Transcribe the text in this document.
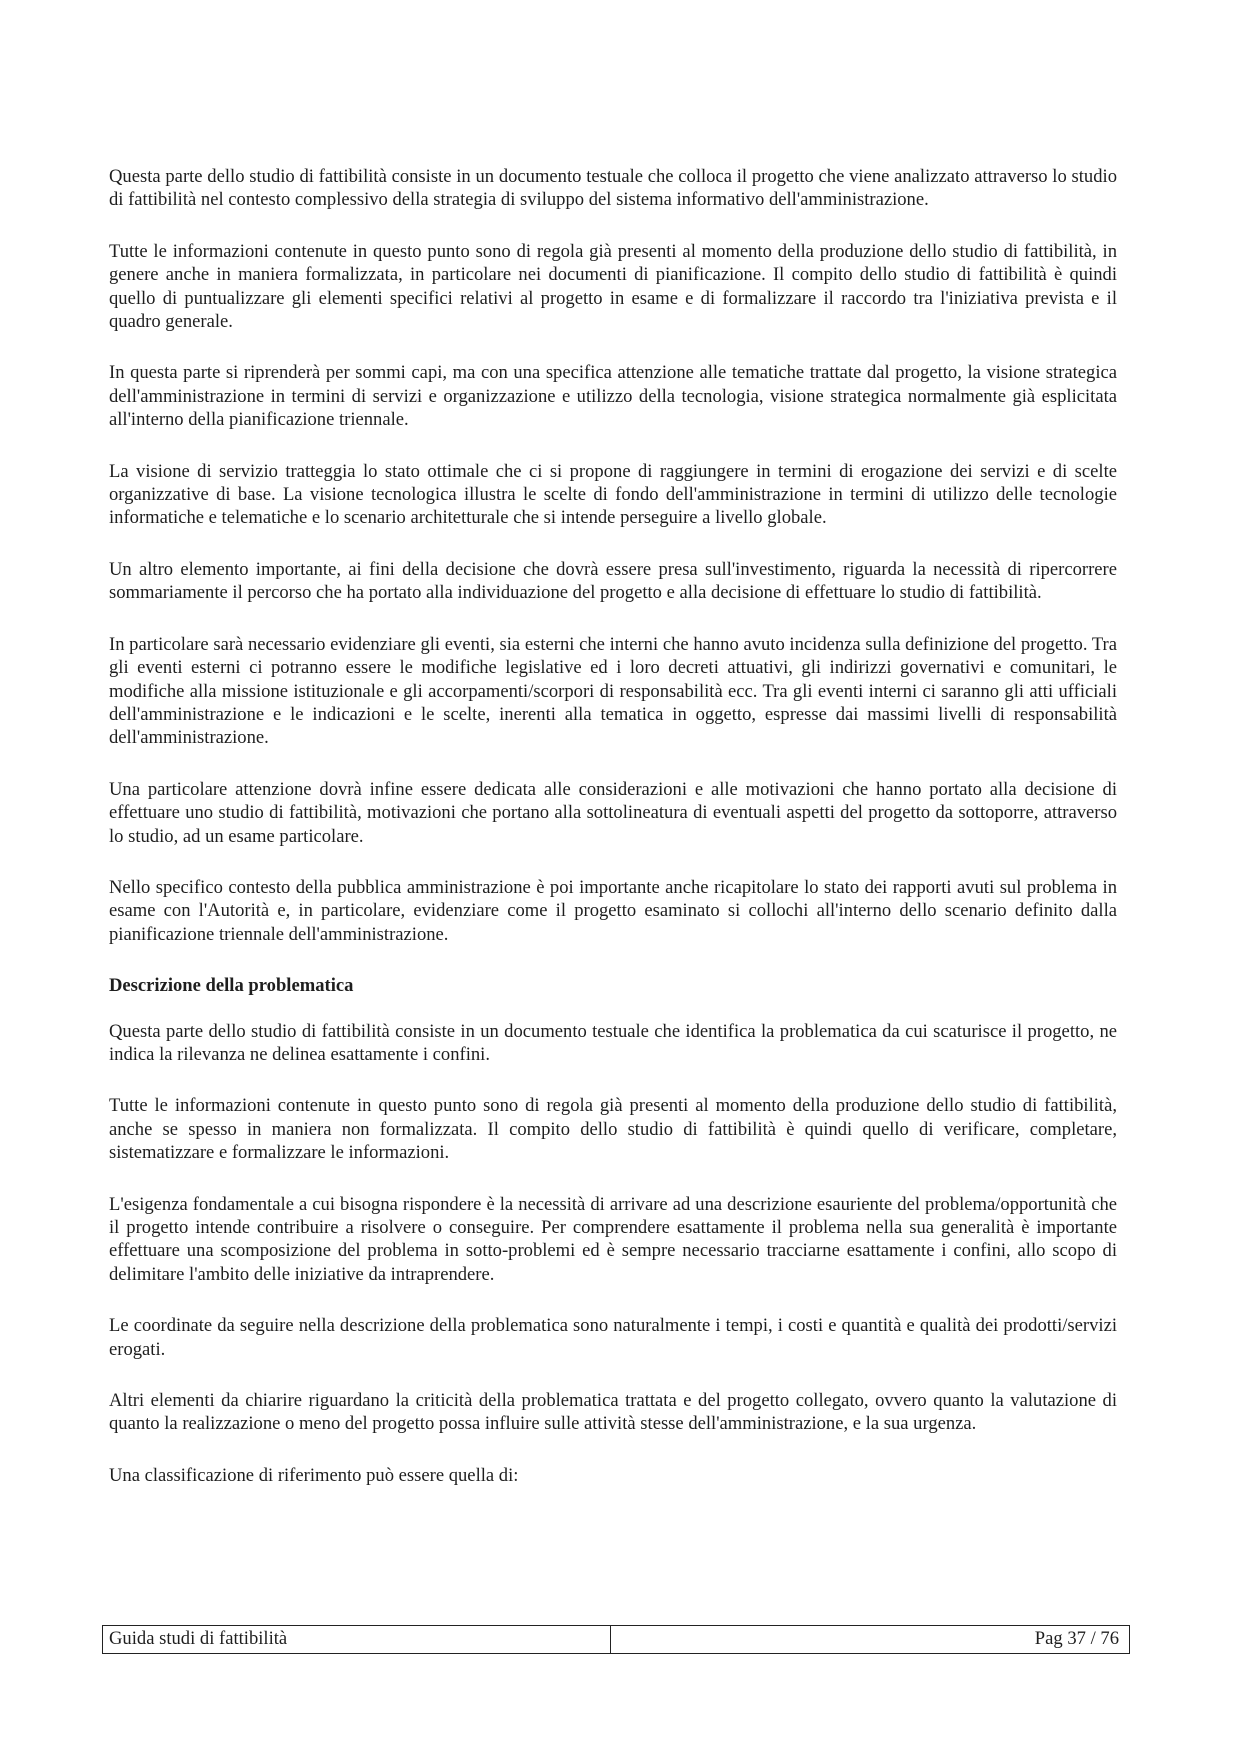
Questa parte dello studio di fattibilità consiste in un documento testuale che colloca il progetto che viene analizzato attraverso lo studio di fattibilità nel contesto complessivo della strategia di sviluppo del sistema informativo dell'amministrazione.

Tutte le informazioni contenute in questo punto sono di regola già presenti al momento della produzione dello studio di fattibilità, in genere anche in maniera formalizzata, in particolare nei documenti di pianificazione. Il compito dello studio di fattibilità è quindi quello di puntualizzare gli elementi specifici relativi al progetto in esame e di formalizzare il raccordo tra l'iniziativa prevista e il quadro generale.

In questa parte si riprenderà per sommi capi, ma con una specifica attenzione alle tematiche trattate dal progetto, la visione strategica dell'amministrazione in termini di servizi e organizzazione e utilizzo della tecnologia, visione strategica normalmente già esplicitata all'interno della pianificazione triennale.

La visione di servizio tratteggia lo stato ottimale che ci si propone di raggiungere in termini di erogazione dei servizi e di scelte organizzative di base. La visione tecnologica illustra le scelte di fondo dell'amministrazione in termini di utilizzo delle tecnologie informatiche e telematiche e lo scenario architetturale che si intende perseguire a livello globale.

Un altro elemento importante, ai fini della decisione che dovrà essere presa sull'investimento, riguarda la necessità di ripercorrere sommariamente il percorso che ha portato alla individuazione del progetto e alla decisione di effettuare lo studio di fattibilità.

In particolare sarà necessario evidenziare gli eventi, sia esterni che interni che hanno avuto incidenza sulla definizione del progetto. Tra gli eventi esterni ci potranno essere le modifiche legislative ed i loro decreti attuativi, gli indirizzi governativi e comunitari, le modifiche alla missione istituzionale e gli accorpamenti/scorpori di responsabilità ecc. Tra gli eventi interni ci saranno gli atti ufficiali dell'amministrazione e le indicazioni e le scelte, inerenti alla tematica in oggetto, espresse dai massimi livelli di responsabilità dell'amministrazione.

Una particolare attenzione dovrà infine essere dedicata alle considerazioni e alle motivazioni che hanno portato alla decisione di effettuare uno studio di fattibilità, motivazioni che portano alla sottolineatura di eventuali aspetti del progetto da sottoporre, attraverso lo studio, ad un esame particolare.

Nello specifico contesto della pubblica amministrazione è poi importante anche ricapitolare lo stato dei rapporti avuti sul problema in esame con l'Autorità e, in particolare, evidenziare come il progetto esaminato si collochi all'interno dello scenario definito dalla pianificazione triennale dell'amministrazione.

Descrizione della problematica

Questa parte dello studio di fattibilità consiste in un documento testuale che identifica la problematica da cui scaturisce il progetto, ne indica la rilevanza ne delinea esattamente i confini.

Tutte le informazioni contenute in questo punto sono di regola già presenti al momento della produzione dello studio di fattibilità, anche se spesso in maniera non formalizzata. Il compito dello studio di fattibilità è quindi quello di verificare, completare, sistematizzare e formalizzare le informazioni.

L'esigenza fondamentale a cui bisogna rispondere è la necessità di arrivare ad una descrizione esauriente del problema/opportunità che il progetto intende contribuire a risolvere o conseguire. Per comprendere esattamente il problema nella sua generalità è importante effettuare una scomposizione del problema in sotto-problemi ed è sempre necessario tracciarne esattamente i confini, allo scopo di delimitare l'ambito delle iniziative da intraprendere.

Le coordinate da seguire nella descrizione della problematica sono naturalmente i tempi, i costi e quantità e qualità dei prodotti/servizi erogati.

Altri elementi da chiarire riguardano la criticità della problematica trattata e del progetto collegato, ovvero quanto la valutazione di quanto la realizzazione o meno del progetto possa influire sulle attività stesse dell'amministrazione, e la sua urgenza.

Una classificazione di riferimento può essere quella di:

Guida studi di fattibilità	Pag 37 / 76
